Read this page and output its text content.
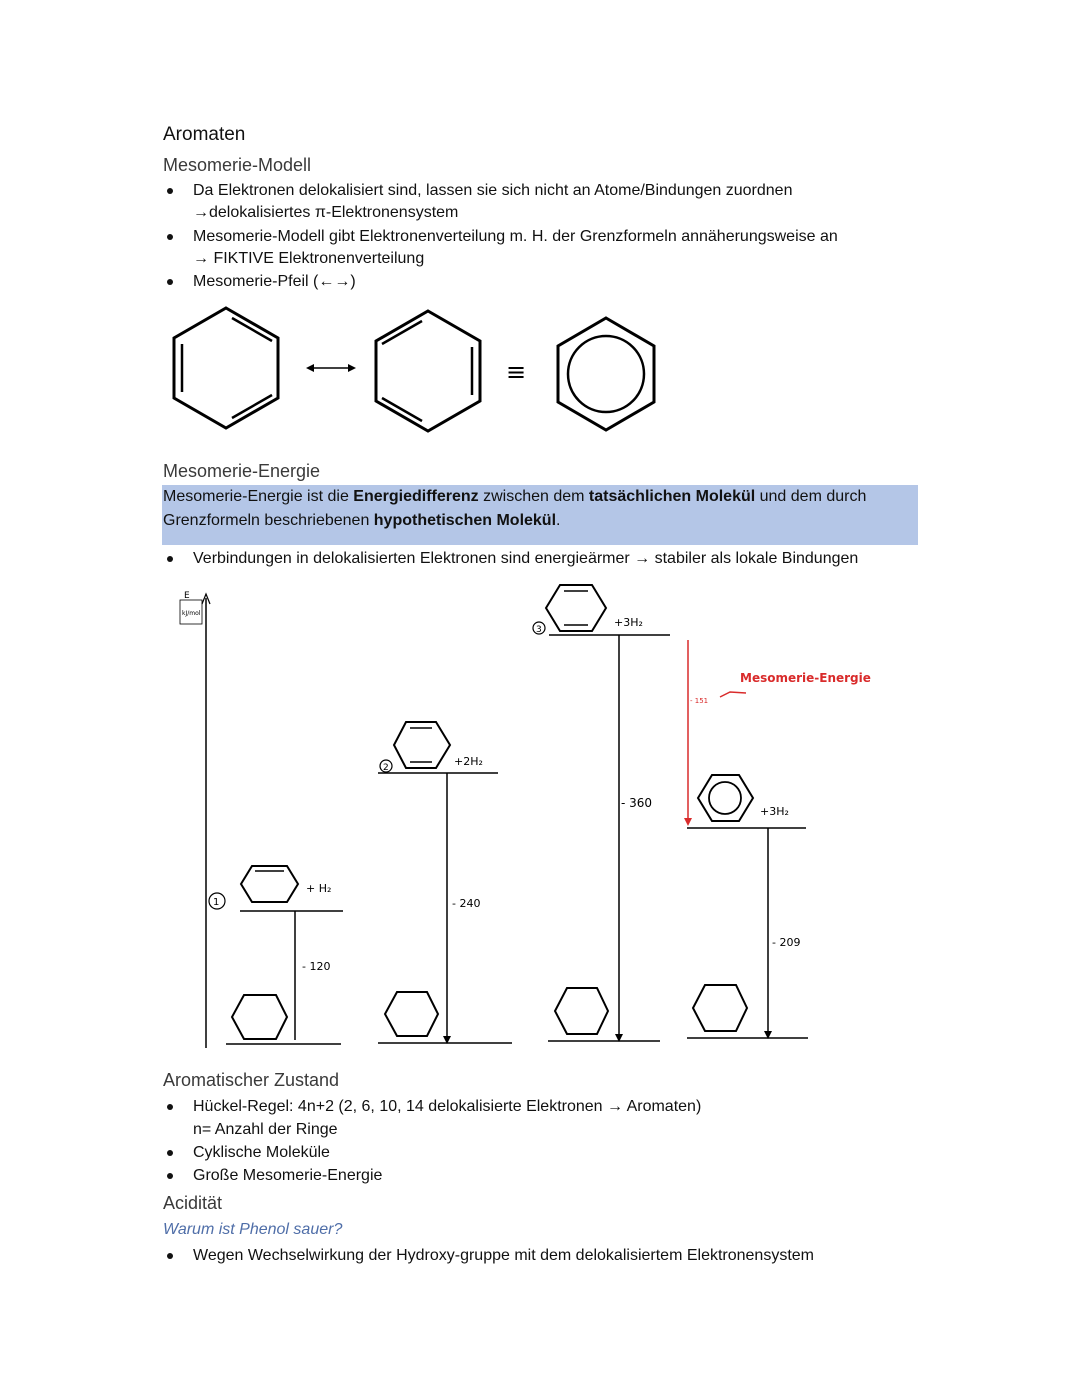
Aromaten
Mesomerie-Modell
Da Elektronen delokalisiert sind, lassen sie sich nicht an Atome/Bindungen zuordnen
→delokalisiertes π-Elektronensystem
Mesomerie-Modell gibt Elektronenverteilung m. H. der Grenzformeln annäherungsweise an
→ FIKTIVE Elektronenverteilung
Mesomerie-Pfeil (←→)
≡
Mesomerie-Energie
Mesomerie-Energie ist die Energiedifferenz zwischen dem tatsächlichen Molekül und dem durch
Grenzformeln beschriebenen hypothetischen Molekül.
Verbindungen in delokalisierten Elektronen sind energieärmer → stabiler als lokale Bindungen
E
kJ/mol
1
+ H₂
- 120
2	+2H₂
- 240
3
+3H₂
- 360
- 151
Mesomerie-Energie
+3H₂
- 209
Aromatischer Zustand
Hückel-Regel: 4n+2 (2, 6, 10, 14 delokalisierte Elektronen → Aromaten)
n= Anzahl der Ringe
Cyklische Moleküle
Große Mesomerie-Energie
Acidität
Warum ist Phenol sauer?
Wegen Wechselwirkung der Hydroxy-gruppe mit dem delokalisiertem Elektronensystem
